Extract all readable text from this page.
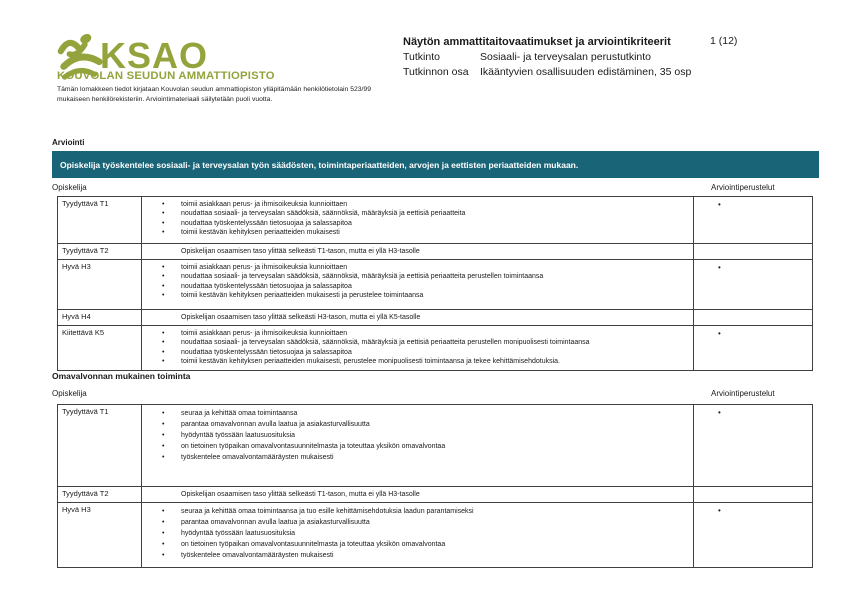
KSAO
KOUVOLAN SEUDUN AMMATTIOPISTO
Tämän lomakkeen tiedot kirjataan Kouvolan seudun ammattiopiston ylläpitämään henkilötietolain 523/99
mukaiseen henkilörekisteriin. Arviointimateriaali säilytetään puoli vuotta.
Näytön ammattitaitovaatimukset ja arviointikriteerit
Tutkinto	Sosiaali- ja terveysalan perustutkinto
Tutkinnon osa Ikääntyvien osallisuuden edistäminen, 35 osp
1 (12)
Arviointi
Opiskelija työskentelee sosiaali- ja terveysalan työn säädösten, toimintaperiaatteiden, arvojen ja eettisten periaatteiden mukaan.
Opiskelija	Arviointiperustelut
Tyydyttävä T1	•	toimii asiakkaan perus- ja ihmisoikeuksia kunnioittaen
•	noudattaa sosiaali- ja terveysalan säädöksiä, säännöksiä, määräyksiä ja eettisiä periaatteita
•	noudattaa työskentelyssään tietosuojaa ja salassapitoa
•	toimii kestävän kehityksen periaatteiden mukaisesti
•
Tyydyttävä T2	Opiskelijan osaamisen taso ylittää selkeästi T1-tason, mutta ei yllä H3-tasolle
Hyvä H3	•	toimii asiakkaan perus- ja ihmisoikeuksia kunnioittaen
•	noudattaa sosiaali- ja terveysalan säädöksiä, säännöksiä, määräyksiä ja eettisiä periaatteita perustellen toimintaansa
•	noudattaa työskentelyssään tietosuojaa ja salassapitoa
•	toimii kestävän kehityksen periaatteiden mukaisesti ja perustelee toimintaansa
•
Hyvä H4	Opiskelijan osaamisen taso ylittää selkeästi H3-tason, mutta ei yllä K5-tasolle
Kiitettävä K5	•	toimii asiakkaan perus- ja ihmisoikeuksia kunnioittaen
•	noudattaa sosiaali- ja terveysalan säädöksiä, säännöksiä, määräyksiä ja eettisiä periaatteita perustellen monipuolisesti toimintaansa
•	noudattaa työskentelyssään tietosuojaa ja salassapitoa
•	toimii kestävän kehityksen periaatteiden mukaisesti, perustelee monipuolisesti toimintaansa ja tekee kehittämisehdotuksia.
•
Omavalvonnan mukainen toiminta
Opiskelija	Arviointiperustelut
Tyydyttävä T1	•	seuraa ja kehittää omaa toimintaansa
•	parantaa omavalvonnan avulla laatua ja asiakasturvallisuutta
•	hyödyntää työssään laatusuosituksia
•	on tietoinen työpaikan omavalvontasuunnitelmasta ja toteuttaa yksikön omavalvontaa
•	työskentelee omavalvontamääräysten mukaisesti
•
Tyydyttävä T2	Opiskelijan osaamisen taso ylittää selkeästi T1-tason, mutta ei yllä H3-tasolle
Hyvä H3	•	seuraa ja kehittää omaa toimintaansa ja tuo esille kehittämisehdotuksia laadun parantamiseksi
•	parantaa omavalvonnan avulla laatua ja asiakasturvallisuutta
•	hyödyntää työssään laatusuosituksia
•	on tietoinen työpaikan omavalvontasuunnitelmasta ja toteuttaa yksikön omavalvontaa
•	työskentelee omavalvontamääräysten mukaisesti
•
